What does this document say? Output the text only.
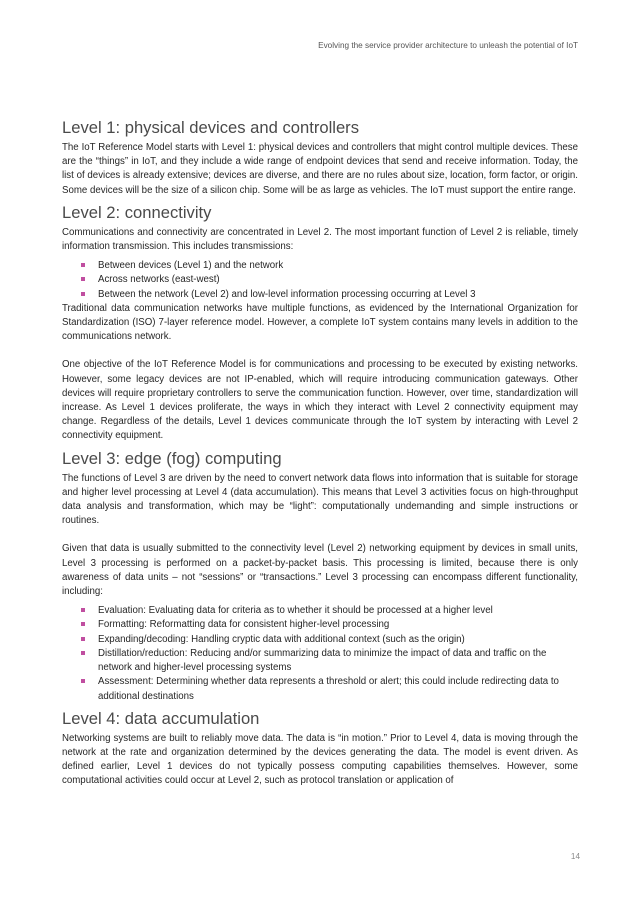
Evolving the service provider architecture to unleash the potential of IoT
Level 1: physical devices and controllers

The IoT Reference Model starts with Level 1: physical devices and controllers that might control multiple devices. These are the “things” in IoT, and they include a wide range of endpoint devices that send and receive information. Today, the list of devices is already extensive; devices are diverse, and there are no rules about size, location, form factor, or origin. Some devices will be the size of a silicon chip. Some will be as large as vehicles. The IoT must support the entire range.

Level 2: connectivity

Communications and connectivity are concentrated in Level 2. The most important function of Level 2 is reliable, timely information transmission. This includes transmissions:

Between devices (Level 1) and the network
Across networks (east-west)
Between the network (Level 2) and low-level information processing occurring at Level 3

Traditional data communication networks have multiple functions, as evidenced by the International Organization for Standardization (ISO) 7-layer reference model. However, a complete IoT system contains many levels in addition to the communications network.

One objective of the IoT Reference Model is for communications and processing to be executed by existing networks. However, some legacy devices are not IP-enabled, which will require introducing communication gateways. Other devices will require proprietary controllers to serve the communication function. However, over time, standardization will increase. As Level 1 devices proliferate, the ways in which they interact with Level 2 connectivity equipment may change. Regardless of the details, Level 1 devices communicate through the IoT system by interacting with Level 2 connectivity equipment.

Level 3: edge (fog) computing

The functions of Level 3 are driven by the need to convert network data flows into information that is suitable for storage and higher level processing at Level 4 (data accumulation). This means that Level 3 activities focus on high-throughput data analysis and transformation, which may be “light”: computationally undemanding and simple instructions or routines.

Given that data is usually submitted to the connectivity level (Level 2) networking equipment by devices in small units, Level 3 processing is performed on a packet-by-packet basis. This processing is limited, because there is only awareness of data units – not “sessions” or “transactions.” Level 3 processing can encompass different functionality, including:

Evaluation: Evaluating data for criteria as to whether it should be processed at a higher level
Formatting: Reformatting data for consistent higher-level processing
Expanding/decoding: Handling cryptic data with additional context (such as the origin)
Distillation/reduction: Reducing and/or summarizing data to minimize the impact of data and traffic on the network and higher-level processing systems
Assessment: Determining whether data represents a threshold or alert; this could include redirecting data to additional destinations
Level 4: data accumulation

Networking systems are built to reliably move data. The data is “in motion.” Prior to Level 4, data is moving through the network at the rate and organization determined by the devices generating the data. The model is event driven. As defined earlier, Level 1 devices do not typically possess computing capabilities themselves. However, some computational activities could occur at Level 2, such as protocol translation or application of

14
